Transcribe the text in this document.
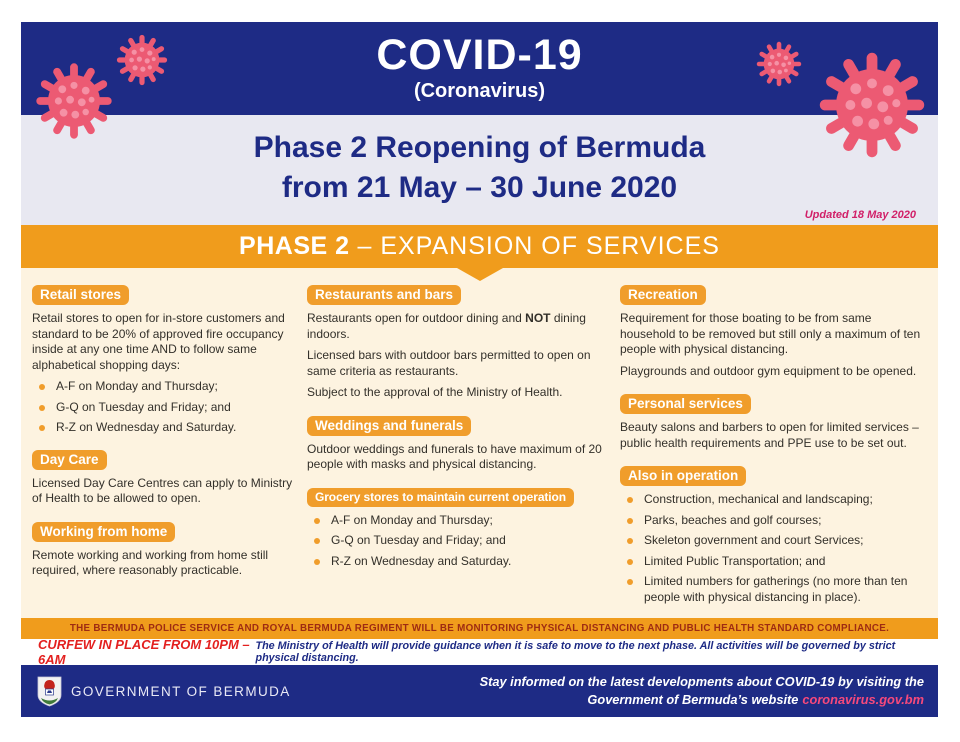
COVID-19
(Coronavirus)
Phase 2 Reopening of Bermuda
from 21 May – 30 June 2020
Updated 18 May 2020
PHASE 2 – EXPANSION OF SERVICES
Retail stores

Retail stores to open for in-store customers and standard to be 20% of approved fire occupancy inside at any one time AND to follow same alphabetical shopping days:

A-F on Monday and Thursday;
G-Q on Tuesday and Friday; and
R-Z on Wednesday and Saturday.
Day Care

Licensed Day Care Centres can apply to Ministry of Health to be allowed to open.

Working from home

Remote working and working from home still required, where reasonably practicable.

Restaurants and bars

Restaurants open for outdoor dining and NOT dining indoors.

Licensed bars with outdoor bars permitted to open on same criteria as restaurants.

Subject to the approval of the Ministry of Health.

Weddings and funerals

Outdoor weddings and funerals to have maximum of 20 people with masks and physical distancing.

Grocery stores to maintain current operation
A-F on Monday and Thursday;
G-Q on Tuesday and Friday; and
R-Z on Wednesday and Saturday.
Recreation

Requirement for those boating to be from same household to be removed but still only a maximum of ten people with physical distancing.

Playgrounds and outdoor gym equipment to be opened.

Personal services

Beauty salons and barbers to open for limited services – public health requirements and PPE use to be set out.

Also in operation
Construction, mechanical and landscaping;
Parks, beaches and golf courses;
Skeleton government and court Services;
Limited Public Transportation; and
Limited numbers for gatherings (no more than ten people with physical distancing in place).
THE BERMUDA POLICE SERVICE AND ROYAL BERMUDA REGIMENT WILL BE MONITORING PHYSICAL DISTANCING AND PUBLIC HEALTH STANDARD COMPLIANCE.
CURFEW IN PLACE FROM 10PM – 6AM
The Ministry of Health will provide guidance when it is safe to move to the next phase. All activities will be governed by strict physical distancing.
GOVERNMENT OF BERMUDA
Stay informed on the latest developments about COVID-19 by visiting the
Government of Bermuda’s website coronavirus.gov.bm
